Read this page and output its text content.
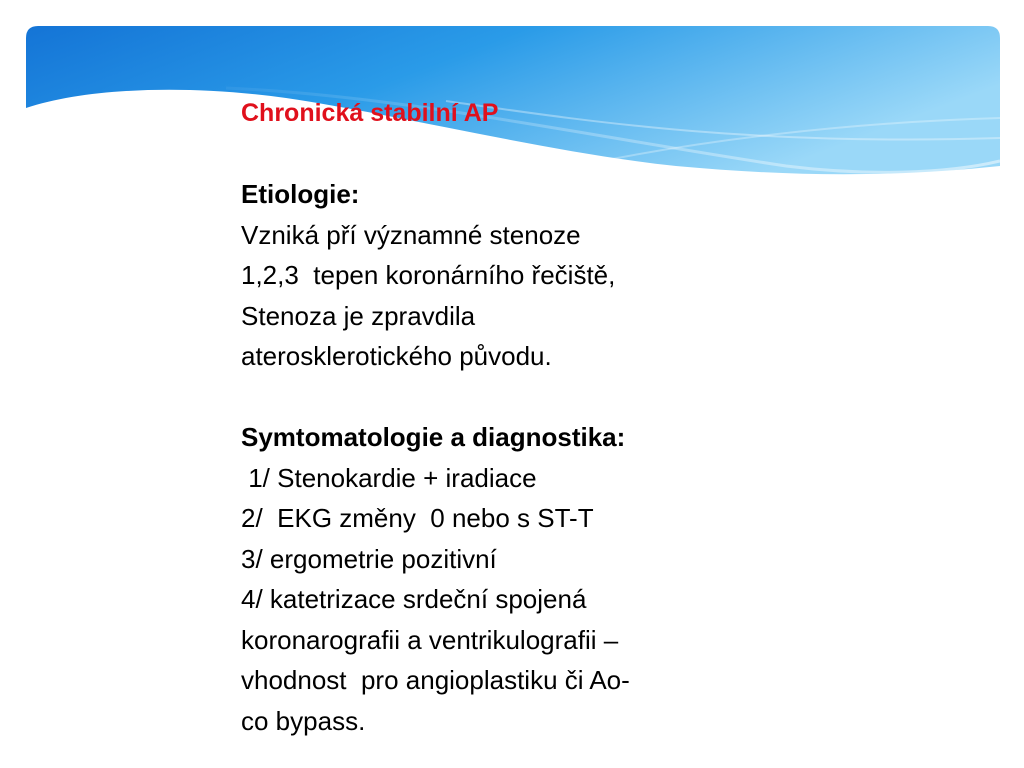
Chronická stabilní AP
Etiologie:
Vzniká pří významné stenoze
1,2,3  tepen koronárního řečiště,
Stenoza je zpravdila
aterosklerotického původu.
Symtomatologie a diagnostika:
1/ Stenokardie + iradiace
2/  EKG změny  0 nebo s ST-T
3/ ergometrie pozitivní
4/ katetrizace srdeční spojená
koronarografii a ventrikulografii –
vhodnost  pro angioplastiku či Ao-
co bypass.
